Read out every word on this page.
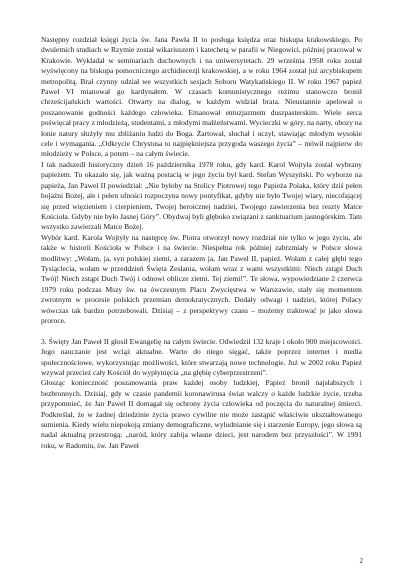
Następny rozdział księgi życia św. Jana Pawła II to posługa księdza oraz biskupa krakowskiego. Po dwuletnich studiach w Rzymie został wikariuszem i katechetą w parafii w Niegowici, później pracował w Krakowie. Wykładał w seminariach duchownych i na uniwersytetach. 29 września 1958 roku został wyświęcony na biskupa pomocniczego archidiecezji krakowskiej, a w roku 1964 został już arcybiskupem metropolitą. Brał czynny udział we wszystkich sesjach Soboru Watykańskiego II. W roku 1967 papież Paweł VI mianował go kardynałem. W czasach komunistycznego reżimu stanowczo bronił chrześcijańskich wartości. Otwarty na dialog, w każdym widział brata. Nieustannie apelował o poszanowanie godności każdego człowieka. Emanował entuzjazmem duszpasterskim. Wiele serca poświęcał pracy z młodzieżą, studentami, z młodymi małżeństwami. Wycieczki w góry, na narty, obozy na łonie natury służyły mu zbliżaniu ludzi do Boga. Żartował, słuchał i uczył, stawiając młodym wysokie cele i wymagania. „Odkrycie Chrystusa to najpiękniejsza przygoda waszego życia” – mówił najpierw do młodzieży w Polsce, a potem – na całym świecie.

I tak nadszedł historyczny dzień 16 października 1978 roku, gdy kard. Karol Wojtyła został wybrany papieżem. Tu okazało się, jak ważną postacią w jego życiu był kard. Stefan Wyszyński. Po wyborze na papieża, Jan Paweł II powiedział: „Nie byłoby na Stolicy Piotrowej tego Papieża Polaka, który dziś pełen bojaźni Bożej, ale i pełen ufności rozpoczyna nowy pontyfikat, gdyby nie było Twojej wiary, niecofającej się przed więzieniem i cierpieniem, Twojej heroicznej nadziei, Twojego zawierzenia bez reszty Matce Kościoła. Gdyby nie było Jasnej Góry”. Obydwaj byli głęboko związani z sanktuarium jasnogórskim. Tam wszystko zawierzali Matce Bożej.

Wybór kard. Karola Wojtyły na następcę św. Piotra otworzył nowy rozdział nie tylko w jego życiu, ale także w historii Kościoła w Polsce i na świecie. Niespełna rok później zabrzmiały w Polsce słowa modlitwy: „Wołam, ja, syn polskiej ziemi, a zarazem ja, Jan Paweł II, papież. Wołam z całej głębi tego Tysiąclecia, wołam w przeddzień Święta Zesłania, wołam wraz z wami wszystkimi: Niech zstąpi Duch Twój! Niech zstąpi Duch Twój i odnowi oblicze ziemi. Tej ziemi!”. Te słowa, wypowiedziane 2 czerwca 1979 roku podczas Mszy św. na ówczesnym Placu Zwycięstwa w Warszawie, stały się momentem zwrotnym w procesie polskich przemian demokratycznych. Dodały odwagi i nadziei, której Polacy wówczas tak bardzo potrzebowali. Dzisiaj – z perspektywy czasu – możemy traktować je jako słowa proroce.

3. Święty Jan Paweł II głosił Ewangelię na całym świecie. Odwiedził 132 kraje i około 900 miejscowości. Jego nauczanie jest wciąż aktualne. Warto do niego sięgać, także poprzez internet i media społecznościowe, wykorzystując możliwości, które stwarzają nowe technologie. Już w 2002 roku Papież wzywał przecież cały Kościół do wypłynięcia „na głębię cyberprzestrzeni”.

Głosząc konieczność poszanowania praw każdej osoby ludzkiej, Papież bronił najsłabszych i bezbronnych. Dzisiaj, gdy w czasie pandemii koronawirusa świat walczy o każde ludzkie życie, trzeba przypomnieć, że Jan Paweł II domagał się ochrony życia człowieka od poczęcia do naturalnej śmierci. Podkreślał, że w żadnej dziedzinie życia prawo cywilne nie może zastąpić właściwie ukształtowanego sumienia. Kiedy wielu niepokoją zmiany demograficzne, wyludnianie się i starzenie Europy, jego słowa są nadal aktualną przestrogą: „naród, który zabija własne dzieci, jest narodem bez przyszłości”. W 1991 roku, w Radomiu, św. Jan Paweł

2
